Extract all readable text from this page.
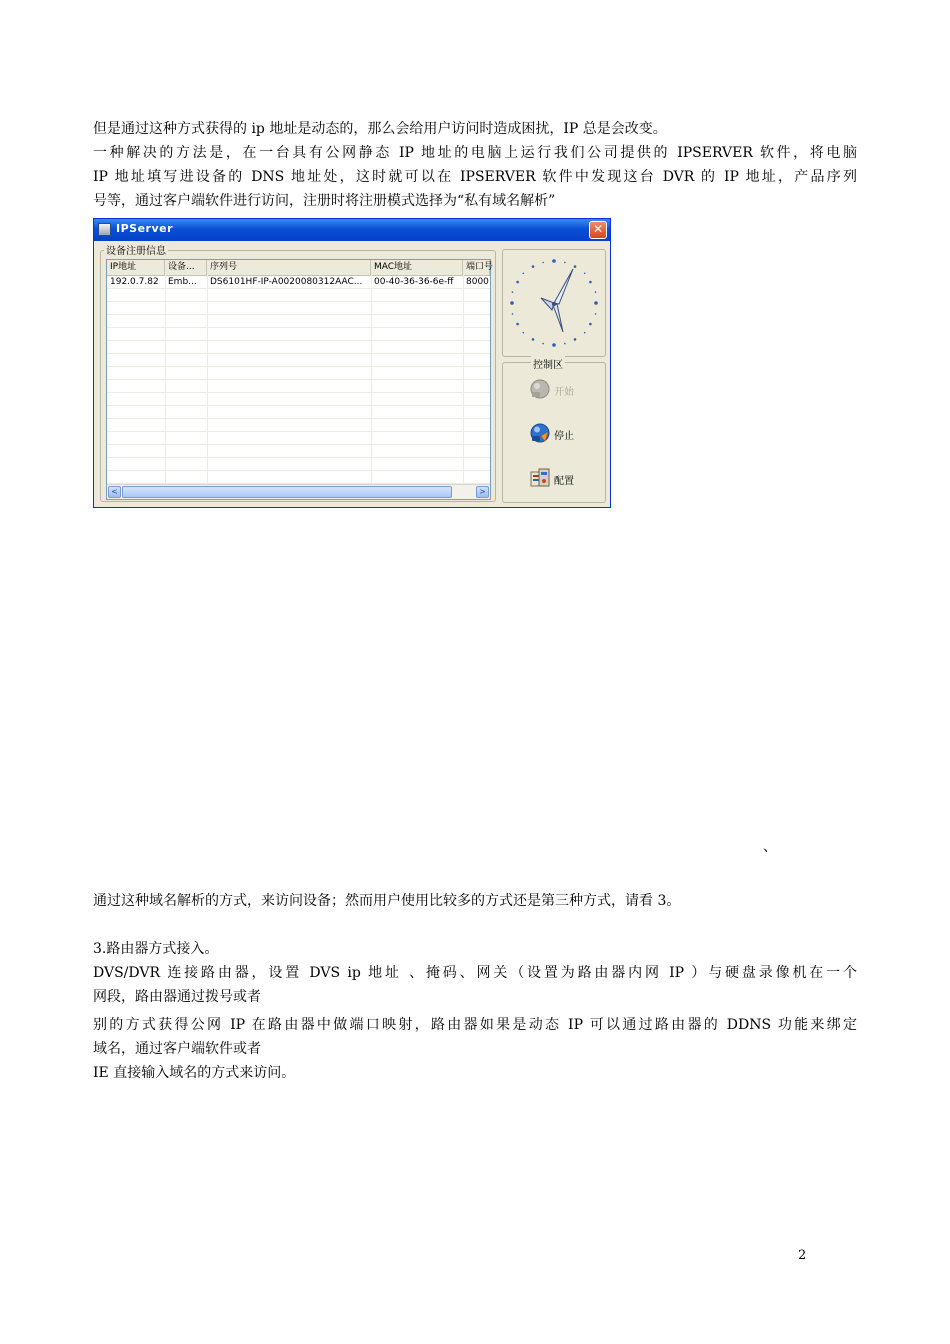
但是通过这种方式获得的 ip 地址是动态的，那么会给用户访问时造成困扰，IP 总是会改变。

一种解决的方法是，在一台具有公网静态 IP 地址的电脑上运行我们公司提供的 IPSERVER 软件，将电脑

IP 地址填写进设备的 DNS 地址处，这时就可以在 IPSERVER 软件中发现这台 DVR 的 IP 地址，产品序列

号等，通过客户端软件进行访问，注册时将注册模式选择为“私有域名解析”

IPServer	✕
设备注册信息
IP地址	设备...	序列号	MAC地址	端口号
192.0.7.82	Emb...	DS6101HF-IP-A0020080312AAC...	00-40-36-36-6e-ff	8000
<	>
控制区
开始
停止
配置
、

通过这种域名解析的方式，来访问设备；然而用户使用比较多的方式还是第三种方式，请看 3。

3.路由器方式接入。

DVS/DVR 连接路由器，设置 DVS ip 地址 、掩码、网关（设置为路由器内网 IP ）与硬盘录像机在一个

网段，路由器通过拨号或者

别的方式获得公网 IP 在路由器中做端口映射，路由器如果是动态 IP 可以通过路由器的 DDNS 功能来绑定

域名，通过客户端软件或者

IE 直接输入域名的方式来访问。

2
